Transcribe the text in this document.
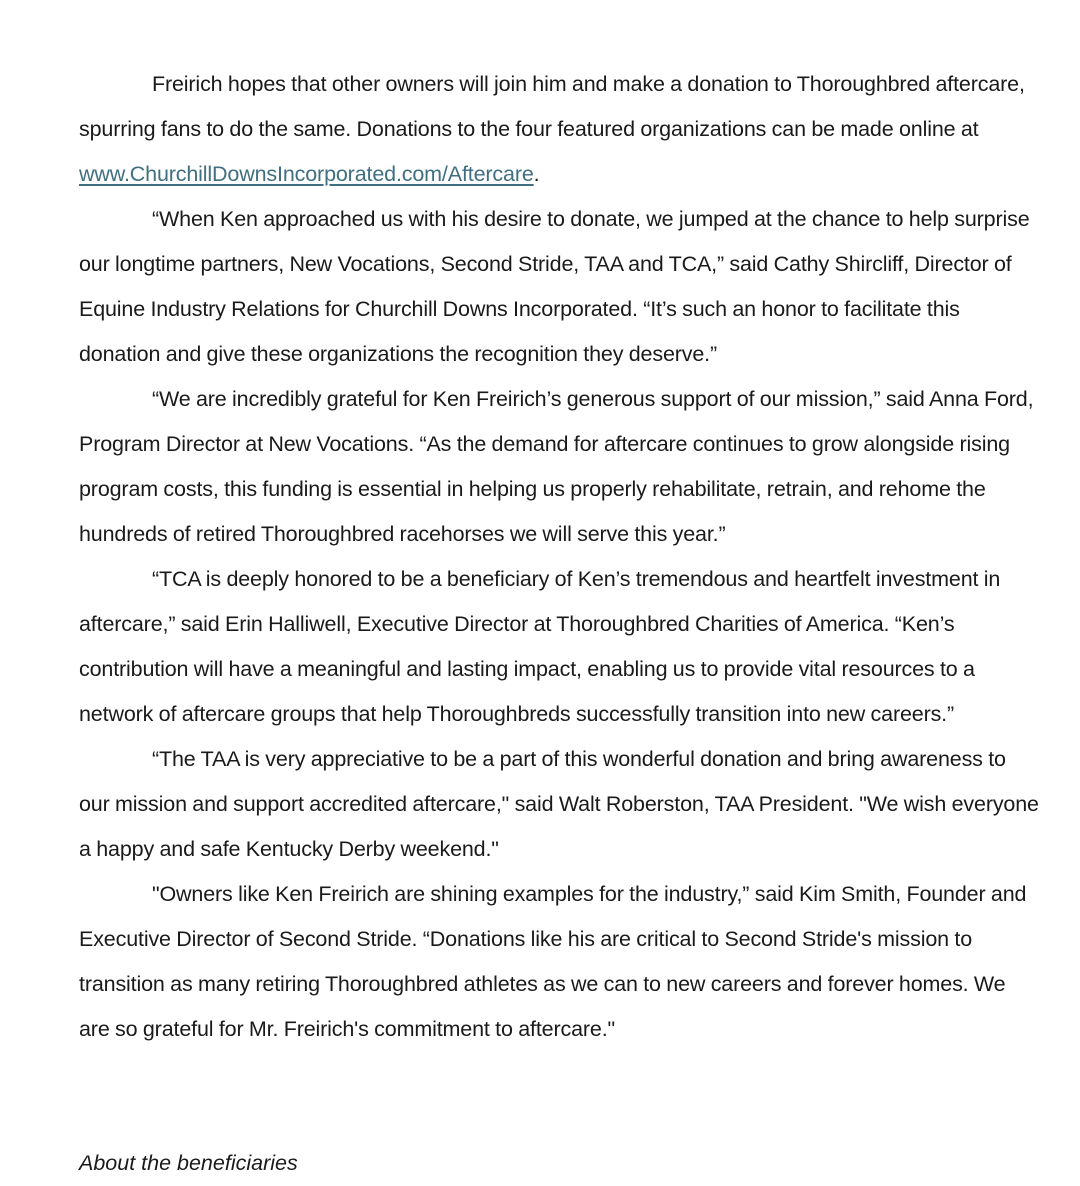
Freirich hopes that other owners will join him and make a donation to Thoroughbred aftercare, spurring fans to do the same. Donations to the four featured organizations can be made online at www.ChurchillDownsIncorporated.com/Aftercare.

“When Ken approached us with his desire to donate, we jumped at the chance to help surprise our longtime partners, New Vocations, Second Stride, TAA and TCA,” said Cathy Shircliff, Director of Equine Industry Relations for Churchill Downs Incorporated. “It’s such an honor to facilitate this donation and give these organizations the recognition they deserve.”

“We are incredibly grateful for Ken Freirich’s generous support of our mission,” said Anna Ford, Program Director at New Vocations. “As the demand for aftercare continues to grow alongside rising program costs, this funding is essential in helping us properly rehabilitate, retrain, and rehome the hundreds of retired Thoroughbred racehorses we will serve this year.”

“TCA is deeply honored to be a beneficiary of Ken’s tremendous and heartfelt investment in aftercare,” said Erin Halliwell, Executive Director at Thoroughbred Charities of America. “Ken’s contribution will have a meaningful and lasting impact, enabling us to provide vital resources to a network of aftercare groups that help Thoroughbreds successfully transition into new careers.”

“The TAA is very appreciative to be a part of this wonderful donation and bring awareness to our mission and support accredited aftercare," said Walt Roberston, TAA President. "We wish everyone a happy and safe Kentucky Derby weekend."

"Owners like Ken Freirich are shining examples for the industry,” said Kim Smith, Founder and Executive Director of Second Stride. “Donations like his are critical to Second Stride's mission to transition as many retiring Thoroughbred athletes as we can to new careers and forever homes. We are so grateful for Mr. Freirich's commitment to aftercare."

About the beneficiaries
